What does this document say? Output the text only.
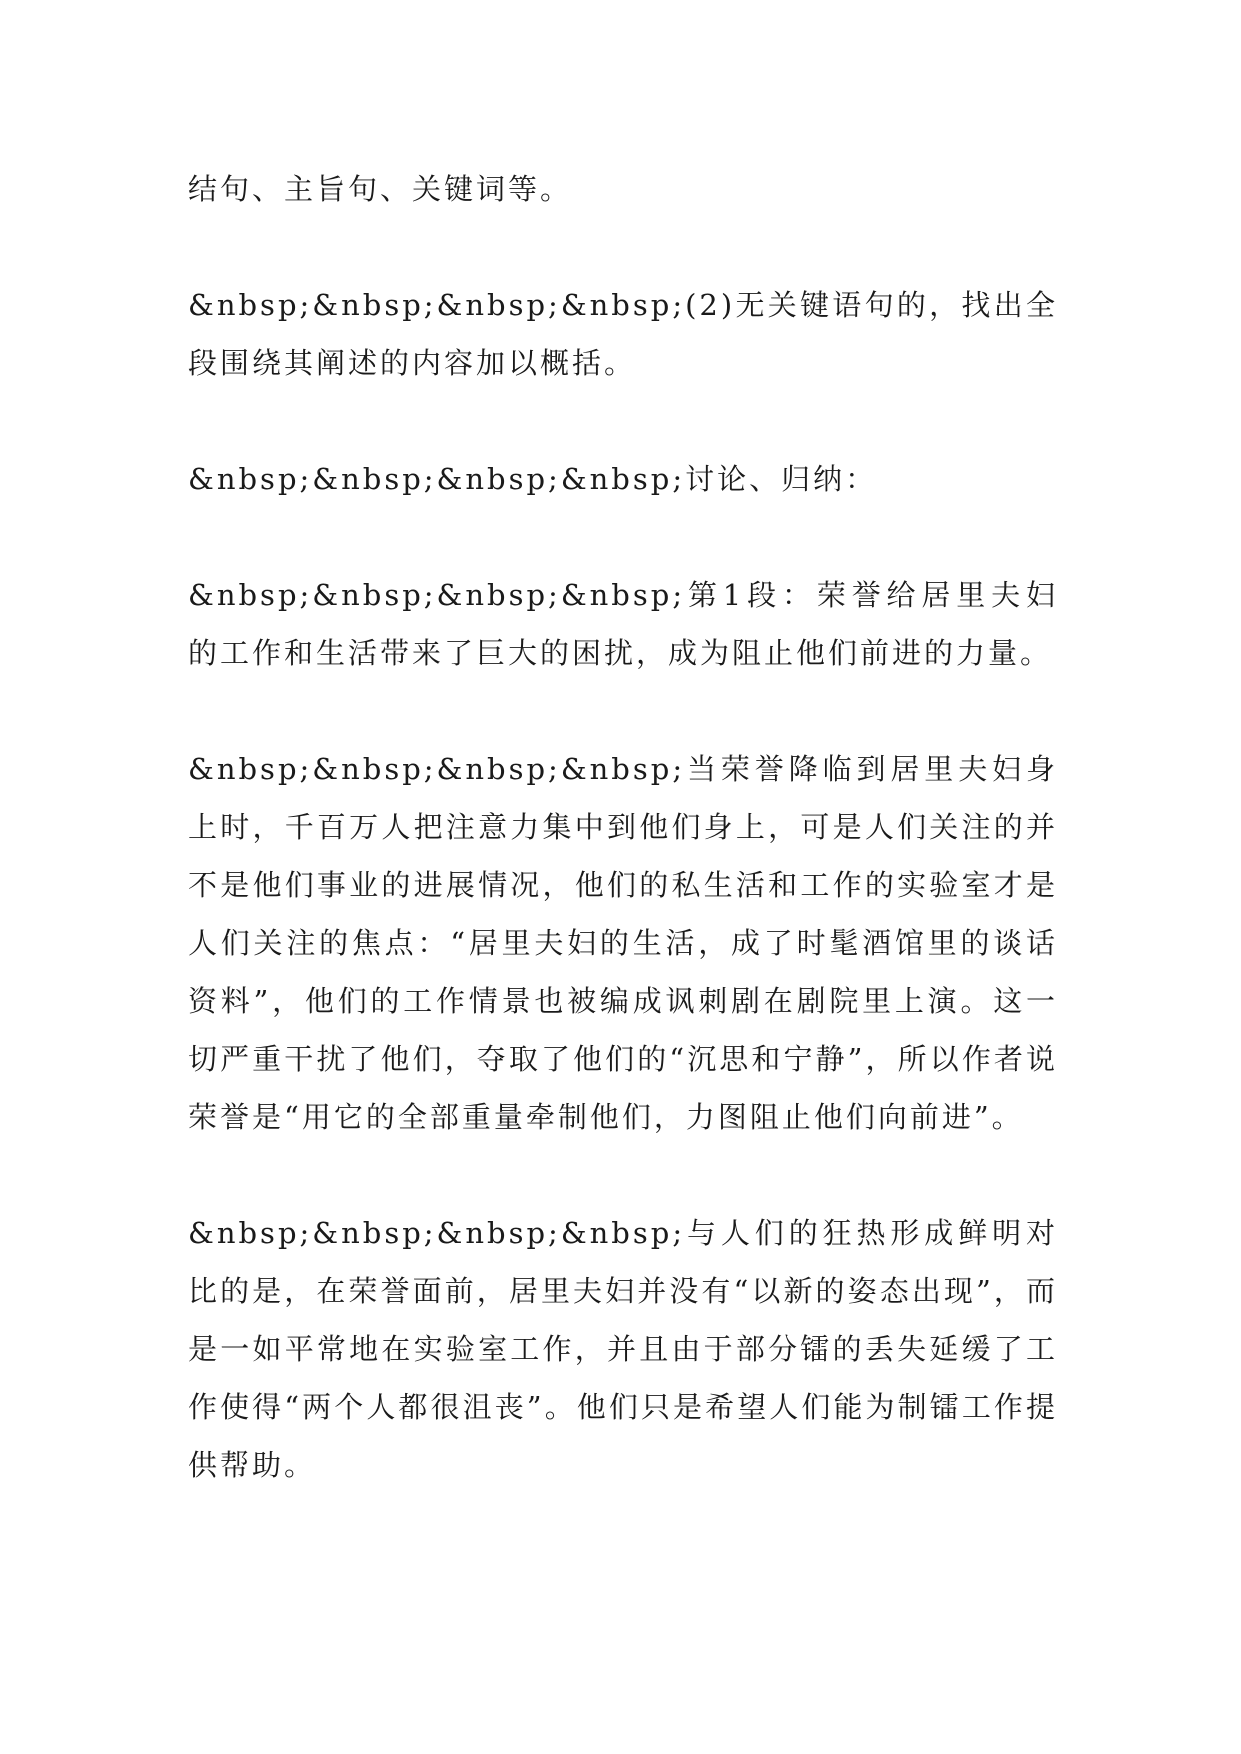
结句、主旨句、关键词等。

&nbsp;&nbsp;&nbsp;&nbsp;(2)无关键语句的，找出全段围绕其阐述的内容加以概括。

&nbsp;&nbsp;&nbsp;&nbsp;讨论、归纳：

&nbsp;&nbsp;&nbsp;&nbsp;第1段：荣誉给居里夫妇的工作和生活带来了巨大的困扰，成为阻止他们前进的力量。

&nbsp;&nbsp;&nbsp;&nbsp;当荣誉降临到居里夫妇身上时，千百万人把注意力集中到他们身上，可是人们关注的并不是他们事业的进展情况，他们的私生活和工作的实验室才是人们关注的焦点：“居里夫妇的生活，成了时髦酒馆里的谈话资料”，他们的工作情景也被编成讽刺剧在剧院里上演。这一切严重干扰了他们，夺取了他们的“沉思和宁静”，所以作者说荣誉是“用它的全部重量牵制他们，力图阻止他们向前进”。

&nbsp;&nbsp;&nbsp;&nbsp;与人们的狂热形成鲜明对比的是，在荣誉面前，居里夫妇并没有“以新的姿态出现”，而是一如平常地在实验室工作，并且由于部分镭的丢失延缓了工作使得“两个人都很沮丧”。他们只是希望人们能为制镭工作提供帮助。
